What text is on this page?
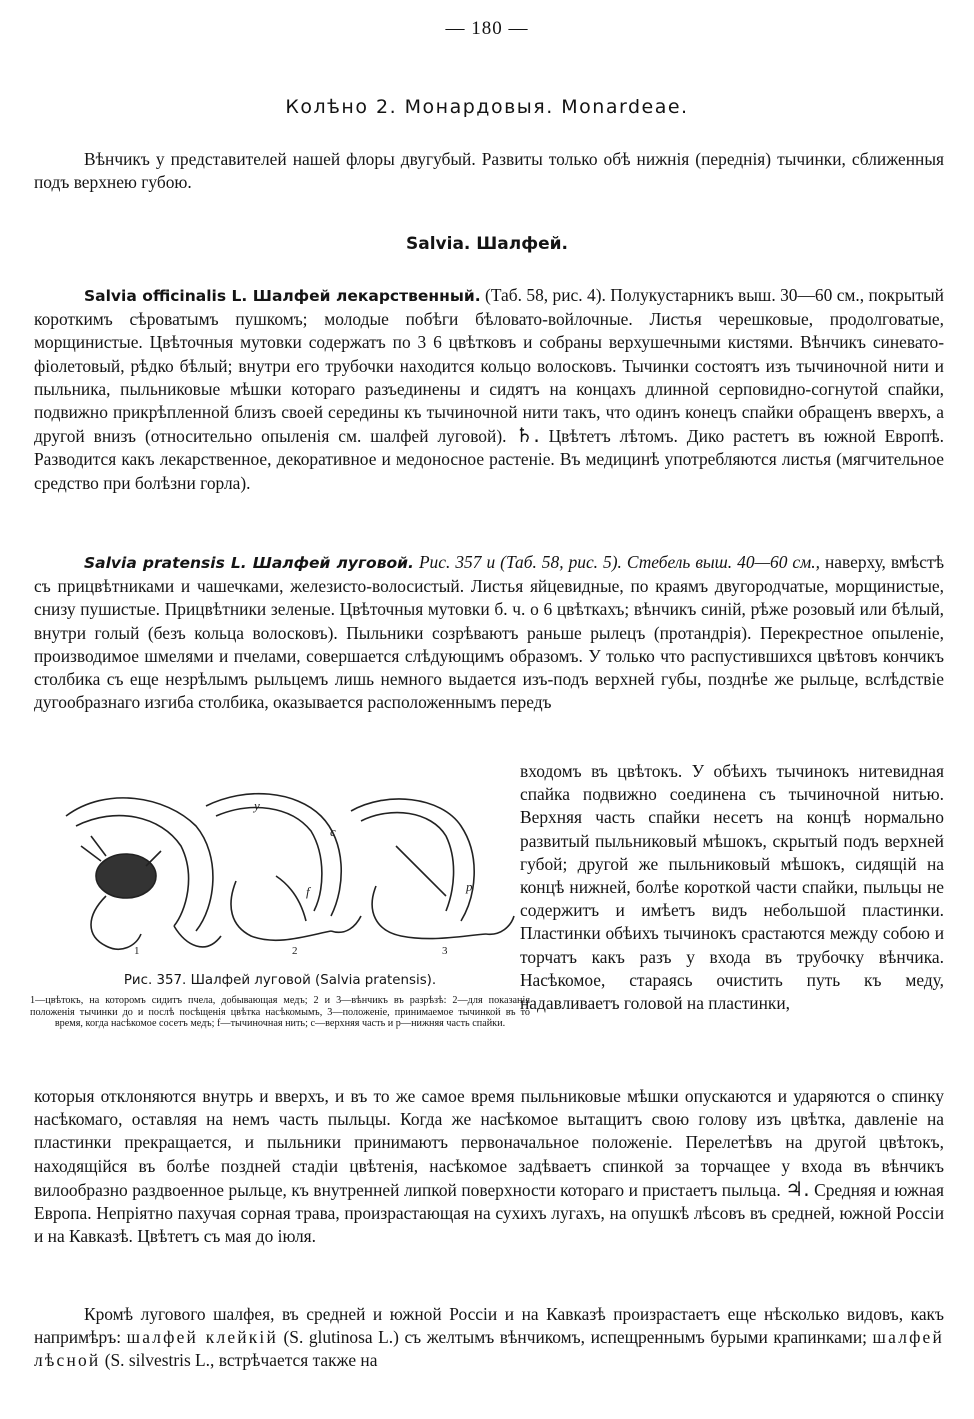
— 180 —
Колѣно 2. Монардовыя. Monardeae.
Вѣнчикъ у представителей нашей флоры двугубый. Развиты только обѣ нижнія (переднія) тычинки, сближенныя подъ верхнею губою.
Salvia. Шалфей.
Salvia officinalis L. Шалфей лекарственный. (Таб. 58, рис. 4). Полукустарникъ выш. 30—60 см., покрытый короткимъ сѣроватымъ пушкомъ; молодые побѣги бѣловато-войлочные. Листья черешковые, продолговатые, морщинистые. Цвѣточныя мутовки содержатъ по 3 6 цвѣтковъ и собраны верхушечными кистями. Вѣнчикъ синевато-фіолетовый, рѣдко бѣлый; внутри его трубочки находится кольцо волосковъ. Тычинки состоятъ изъ тычиночной нити и пыльника, пыльниковые мѣшки котораго разъединены и сидятъ на концахъ длинной серповидно-согнутой спайки, подвижно прикрѣпленной близъ своей середины къ тычиночной нити такъ, что одинъ конецъ спайки обращенъ вверхъ, а другой внизъ (относительно опыленія см. шалфей луговой). ♄. Цвѣтетъ лѣтомъ. Дико растетъ въ южной Европѣ. Разводится какъ лекарственное, декоративное и медоносное растеніе. Въ медицинѣ употребляются листья (мягчительное средство при болѣзни горла).
Salvia pratensis L. Шалфей луговой. Рис. 357 и (Таб. 58, рис. 5). Стебель выш. 40—60 см., наверху, вмѣстѣ съ прицвѣтниками и чашечками, железисто-волосистый. Листья яйцевидные, по краямъ двугородчатые, морщинистые, снизу пушистые. Прицвѣтники зеленые. Цвѣточныя мутовки б. ч. о 6 цвѣткахъ; вѣнчикъ синій, рѣже розовый или бѣлый, внутри голый (безъ кольца волосковъ). Пыльники созрѣваютъ раньше рылецъ (протандрія). Перекрестное опыленіе, производимое шмелями и пчелами, совершается слѣдующимъ образомъ. У только что распустившихся цвѣтовъ кончикъ столбика съ еще незрѣлымъ рыльцемъ лишь немного выдается изъ-подъ верхней губы, позднѣе же рыльце, вслѣдствіе дугообразнаго изгиба столбика, оказывается расположеннымъ передъ
входомъ въ цвѣтокъ. У обѣихъ тычинокъ нитевидная спайка подвижно соединена съ тычиночной нитью. Верхняя часть спайки несетъ на концѣ нормально развитый пыльниковый мѣшокъ, скрытый подъ верхней губой; другой же пыльниковый мѣшокъ, сидящій на концѣ нижней, болѣе короткой части спайки, пыльцы не содержитъ и имѣетъ видъ небольшой пластинки. Пластинки обѣихъ тычинокъ срастаются между собою и торчатъ какъ разъ у входа въ трубочку вѣнчика. Насѣкомое, стараясь очистить путь къ меду, надавливаетъ головой на пластинки,
c
y
f	p
1	2	3
Рис. 357. Шалфей луговой (Salvia pratensis).
1—цвѣтокъ, на которомъ сидитъ пчела, добывающая медъ; 2 и 3—вѣнчикъ въ разрѣзѣ: 2—для показанія положенія тычинки до и послѣ посѣщенія цвѣтка насѣкомымъ, 3—положеніе, принимаемое тычинкой въ то время, когда насѣкомое сосетъ медъ; f—тычиночная нить; c—верхняя часть и p—нижняя часть спайки.
которыя отклоняются внутрь и вверхъ, и въ то же самое время пыльниковые мѣшки опускаются и ударяются о спинку насѣкомаго, оставляя на немъ часть пыльцы. Когда же насѣкомое вытащитъ свою голову изъ цвѣтка, давленіе на пластинки прекращается, и пыльники принимаютъ первоначальное положеніе. Перелетѣвъ на другой цвѣтокъ, находящійся въ болѣе поздней стадіи цвѣтенія, насѣкомое задѣваетъ спинкой за торчащее у входа въ вѣнчикъ вилообразно раздвоенное рыльце, къ внутренней липкой поверхности котораго и пристаетъ пыльца. ♃. Средняя и южная Европа. Непріятно пахучая сорная трава, произрастающая на сухихъ лугахъ, на опушкѣ лѣсовъ въ средней, южной Россіи и на Кавказѣ. Цвѣтетъ съ мая до іюля.
Кромѣ лугового шалфея, въ средней и южной Россіи и на Кавказѣ произрастаетъ еще нѣсколько видовъ, какъ напримѣръ: шалфей клейкій (S. glutinosa L.) съ желтымъ вѣнчикомъ, испещреннымъ бурыми крапинками; шалфей лѣсной (S. silvestris L., встрѣчается также на
